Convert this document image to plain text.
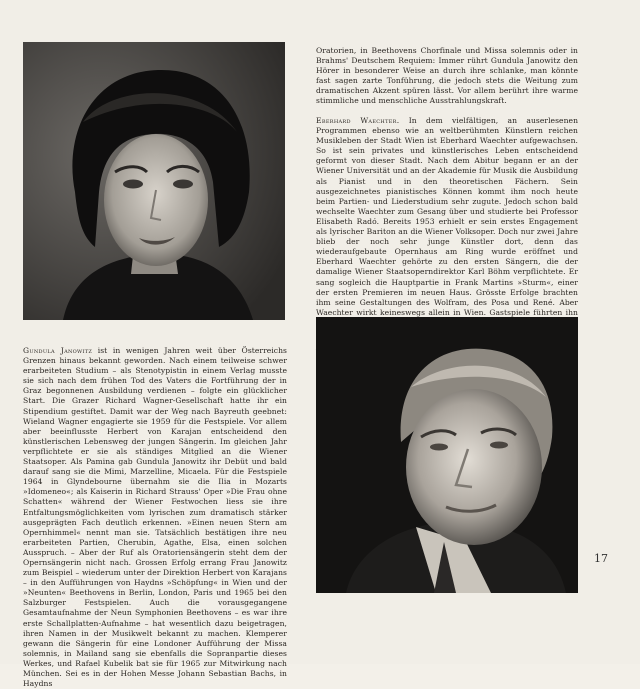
Oratorien, in Beethovens Chorfinale und Missa solemnis oder in Brahms' Deutschem Requiem: Immer rührt Gundula Janowitz den Hörer in besonderer Weise an durch ihre schlanke, man könnte fast sagen zarte Tonführung, die jedoch stets die Weitung zum dramatischen Akzent spüren lässt. Vor allem berührt ihre warme stimmliche und menschliche Ausstrahlungskraft.

Eberhard Waechter. In dem vielfältigen, an auserlesenen Programmen ebenso wie an weltberühmten Künstlern reichen Musikleben der Stadt Wien ist Eberhard Waechter aufgewachsen. So ist sein privates und künstlerisches Leben entscheidend geformt von dieser Stadt. Nach dem Abitur begann er an der Wiener Universität und an der Akademie für Musik die Ausbildung als Pianist und in den theoretischen Fächern. Sein ausgezeichnetes pianistisches Können kommt ihm noch heute beim Partien- und Liederstudium sehr zugute. Jedoch schon bald wechselte Waechter zum Gesang über und studierte bei Professor Elisabeth Radó. Bereits 1953 erhielt er sein erstes Engagement als lyrischer Bariton an die Wiener Volksoper. Doch nur zwei Jahre blieb der noch sehr junge Künstler dort, denn das wiederaufgebaute Opernhaus am Ring wurde eröffnet und Eberhard Waechter gehörte zu den ersten Sängern, die der damalige Wiener Staatsoperndirektor Karl Böhm verpflichtete. Er sang sogleich die Hauptpartie in Frank Martins »Sturm«, einer der ersten Premieren im neuen Haus. Grösste Erfolge brachten ihm seine Gestaltungen des Wolfram, des Posa und René. Aber Waechter wirkt keineswegs allein in Wien. Gastspiele führten ihn

Gundula Janowitz ist in wenigen Jahren weit über Österreichs Grenzen hinaus bekannt geworden. Nach einem teilweise schwer erarbeiteten Studium – als Stenotypistin in einem Verlag musste sie sich nach dem frühen Tod des Vaters die Fortführung der in Graz begonnenen Ausbildung verdienen – folgte ein glücklicher Start. Die Grazer Richard Wagner-Gesellschaft hatte ihr ein Stipendium gestiftet. Damit war der Weg nach Bayreuth geebnet: Wieland Wagner engagierte sie 1959 für die Festspiele. Vor allem aber beeinflusste Herbert von Karajan entscheidend den künstlerischen Lebensweg der jungen Sängerin. Im gleichen Jahr verpflichtete er sie als ständiges Mitglied an die Wiener Staatsoper. Als Pamina gab Gundula Janowitz ihr Debüt und bald darauf sang sie die Mimi, Marzelline, Micaela. Für die Festspiele 1964 in Glyndebourne übernahm sie die Ilia in Mozarts »Idomeneo«; als Kaiserin in Richard Strauss' Oper »Die Frau ohne Schatten« während der Wiener Festwochen liess sie ihre Entfaltungsmöglichkeiten vom lyrischen zum dramatisch stärker ausgeprägten Fach deutlich erkennen. »Einen neuen Stern am Opernhimmel« nennt man sie. Tatsächlich bestätigen ihre neu erarbeiteten Partien, Cherubin, Agathe, Elsa, einen solchen Ausspruch. – Aber der Ruf als Oratoriensängerin steht dem der Opernsängerin nicht nach. Grossen Erfolg errang Frau Janowitz zum Beispiel – wiederum unter der Direktion Herbert von Karajans – in den Aufführungen von Haydns »Schöpfung« in Wien und der »Neunten« Beethovens in Berlin, London, Paris und 1965 bei den Salzburger Festspielen. Auch die vorausgegangene Gesamtaufnahme der Neun Symphonien Beethovens – es war ihre erste Schallplatten-Aufnahme – hat wesentlich dazu beigetragen, ihren Namen in der Musikwelt bekannt zu machen. Klemperer gewann die Sängerin für eine Londoner Aufführung der Missa solemnis, in Mailand sang sie ebenfalls die Sopranpartie dieses Werkes, und Rafael Kubelik bat sie für 1965 zur Mitwirkung nach München. Sei es in der Hohen Messe Johann Sebastian Bachs, in Haydns

17
